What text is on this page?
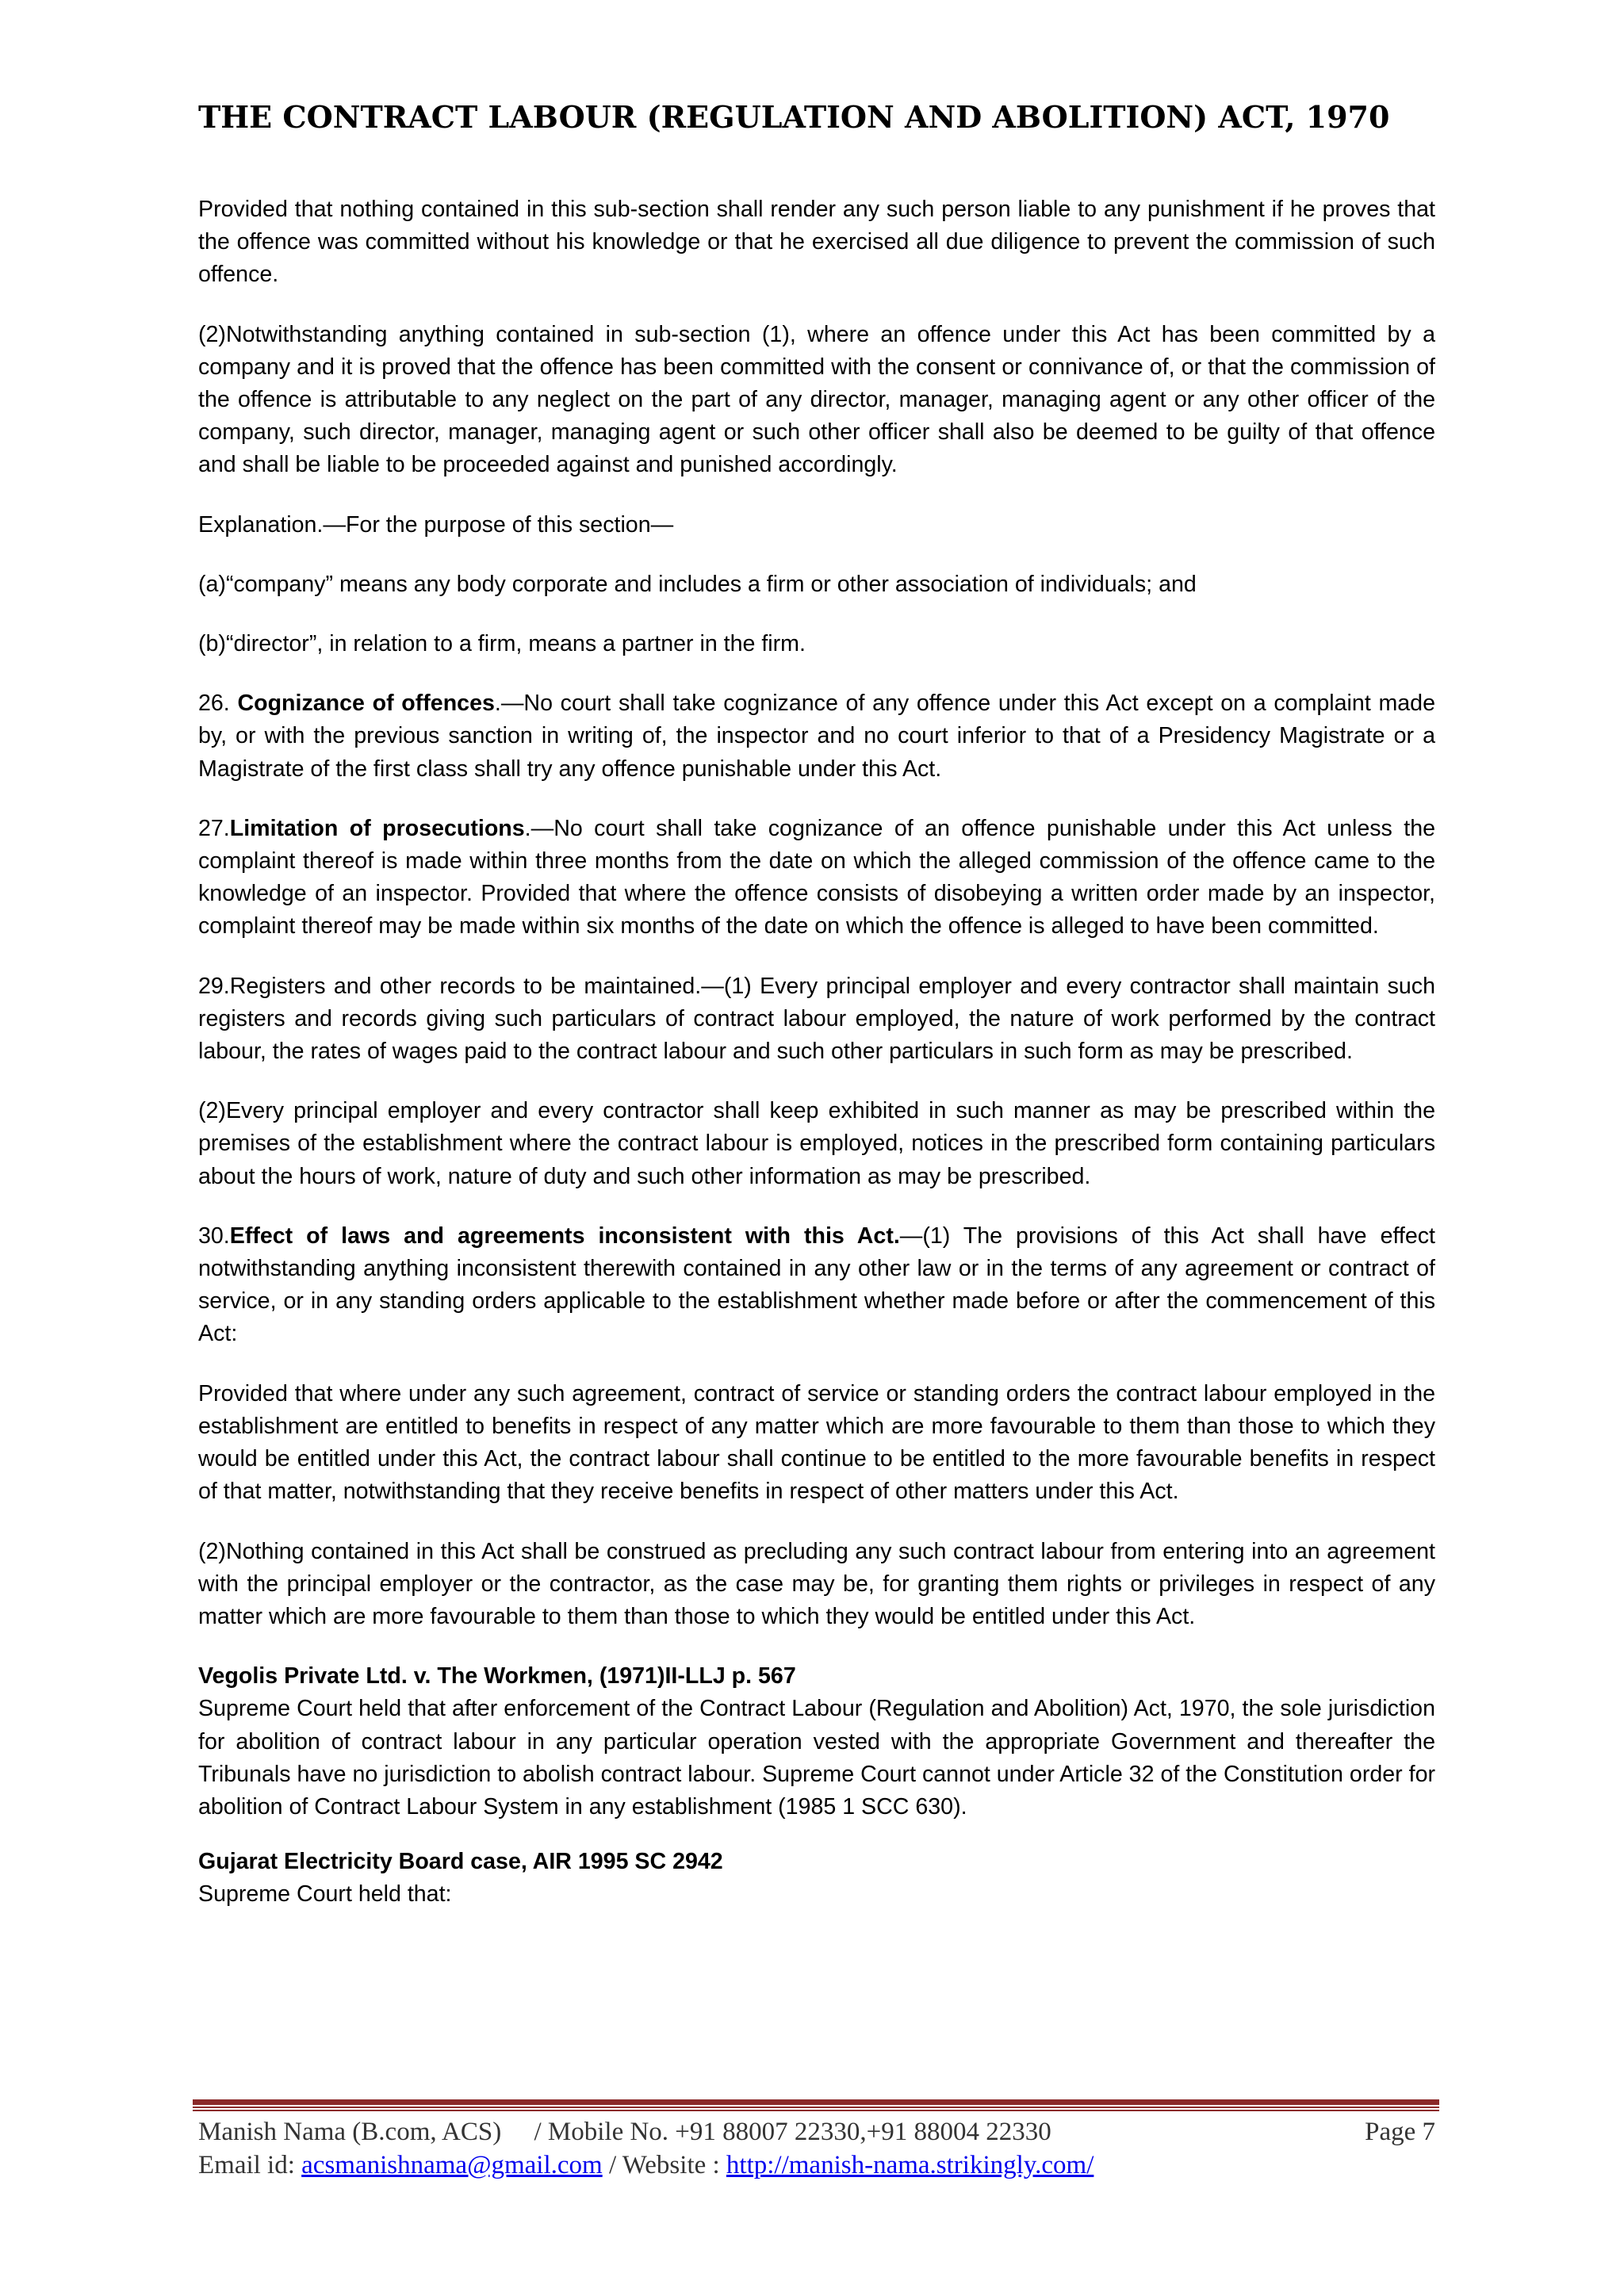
THE CONTRACT LABOUR (REGULATION AND ABOLITION) ACT, 1970

Provided that nothing contained in this sub-section shall render any such person liable to any punishment if he proves that the offence was committed without his knowledge or that he exercised all due diligence to prevent the commission of such offence.

(2)Notwithstanding anything contained in sub-section (1), where an offence under this Act has been committed by a company and it is proved that the offence has been committed with the consent or connivance of, or that the commission of the offence is attributable to any neglect on the part of any director, manager, managing agent or any other officer of the company, such director, manager, managing agent or such other officer shall also be deemed to be guilty of that offence and shall be liable to be proceeded against and punished accordingly.

Explanation.—For the purpose of this section—

(a)“company” means any body corporate and includes a firm or other association of individuals; and

(b)“director”, in relation to a firm, means a partner in the firm.

26. Cognizance of offences.—No court shall take cognizance of any offence under this Act except on a complaint made by, or with the previous sanction in writing of, the inspector and no court inferior to that of a Presidency Magistrate or a Magistrate of the first class shall try any offence punishable under this Act.

27.Limitation of prosecutions.—No court shall take cognizance of an offence punishable under this Act unless the complaint thereof is made within three months from the date on which the alleged commission of the offence came to the knowledge of an inspector. Provided that where the offence consists of disobeying a written order made by an inspector, complaint thereof may be made within six months of the date on which the offence is alleged to have been committed.

29.Registers and other records to be maintained.—(1) Every principal employer and every contractor shall maintain such registers and records giving such particulars of contract labour employed, the nature of work performed by the contract labour, the rates of wages paid to the contract labour and such other particulars in such form as may be prescribed.

(2)Every principal employer and every contractor shall keep exhibited in such manner as may be prescribed within the premises of the establishment where the contract labour is employed, notices in the prescribed form containing particulars about the hours of work, nature of duty and such other information as may be prescribed.

30.Effect of laws and agreements inconsistent with this Act.—(1) The provisions of this Act shall have effect notwithstanding anything inconsistent therewith contained in any other law or in the terms of any agreement or contract of service, or in any standing orders applicable to the establishment whether made before or after the commencement of this Act:

Provided that where under any such agreement, contract of service or standing orders the contract labour employed in the establishment are entitled to benefits in respect of any matter which are more favourable to them than those to which they would be entitled under this Act, the contract labour shall continue to be entitled to the more favourable benefits in respect of that matter, notwithstanding that they receive benefits in respect of other matters under this Act.

(2)Nothing contained in this Act shall be construed as precluding any such contract labour from entering into an agreement with the principal employer or the contractor, as the case may be, for granting them rights or privileges in respect of any matter which are more favourable to them than those to which they would be entitled under this Act.

Vegolis Private Ltd. v. The Workmen, (1971)II-LLJ p. 567

Supreme Court held that after enforcement of the Contract Labour (Regulation and Abolition) Act, 1970, the sole jurisdiction for abolition of contract labour in any particular operation vested with the appropriate Government and thereafter the Tribunals have no jurisdiction to abolish contract labour. Supreme Court cannot under Article 32 of the Constitution order for abolition of Contract Labour System in any establishment (1985 1 SCC 630).

Gujarat Electricity Board case, AIR 1995 SC 2942

Supreme Court held that:

Manish Nama (B.com, ACS)     / Mobile No. +91 88007 22330,+91 88004 22330	Page 7
Email id: acsmanishnama@gmail.com / Website : http://manish-nama.strikingly.com/
